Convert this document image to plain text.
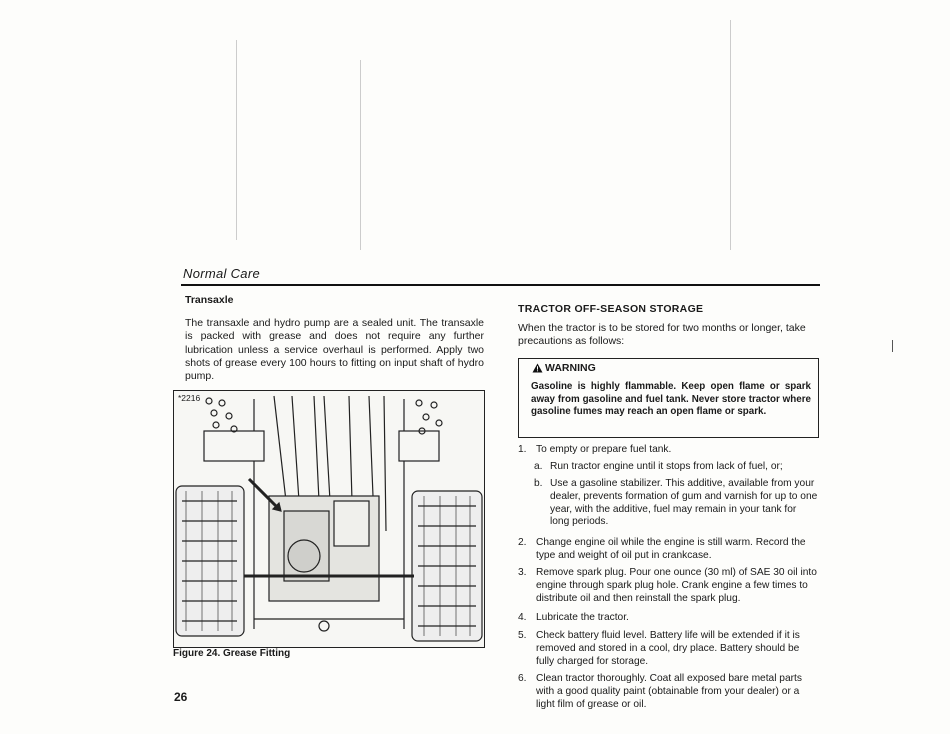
Normal Care
Transaxle
The transaxle and hydro pump are a sealed unit. The transaxle is packed with grease and does not require any further lubrication unless a service overhaul is performed. Apply two shots of grease every 100 hours to fitting on input shaft of hydro pump.
*2216
Figure 24. Grease Fitting
26
TRACTOR OFF-SEASON STORAGE
When the tractor is to be stored for two months or longer, take precautions as follows:
WARNING
Gasoline is highly flammable. Keep open flame or spark away from gasoline and fuel tank. Never store tractor where gasoline fumes may reach an open flame or spark.
1. To empty or prepare fuel tank.
a. Run tractor engine until it stops from lack of fuel, or;
b. Use a gasoline stabilizer. This additive, available from your dealer, prevents formation of gum and varnish for up to one year, with the additive, fuel may remain in your tank for long periods.
2. Change engine oil while the engine is still warm. Record the type and weight of oil put in crankcase.
3. Remove spark plug. Pour one ounce (30 ml) of SAE 30 oil into engine through spark plug hole. Crank engine a few times to distribute oil and then reinstall the spark plug.
4. Lubricate the tractor.
5. Check battery fluid level. Battery life will be extended if it is removed and stored in a cool, dry place. Battery should be fully charged for storage.
6. Clean tractor thoroughly. Coat all exposed bare metal parts with a good quality paint (obtainable from your dealer) or a light film of grease or oil.
